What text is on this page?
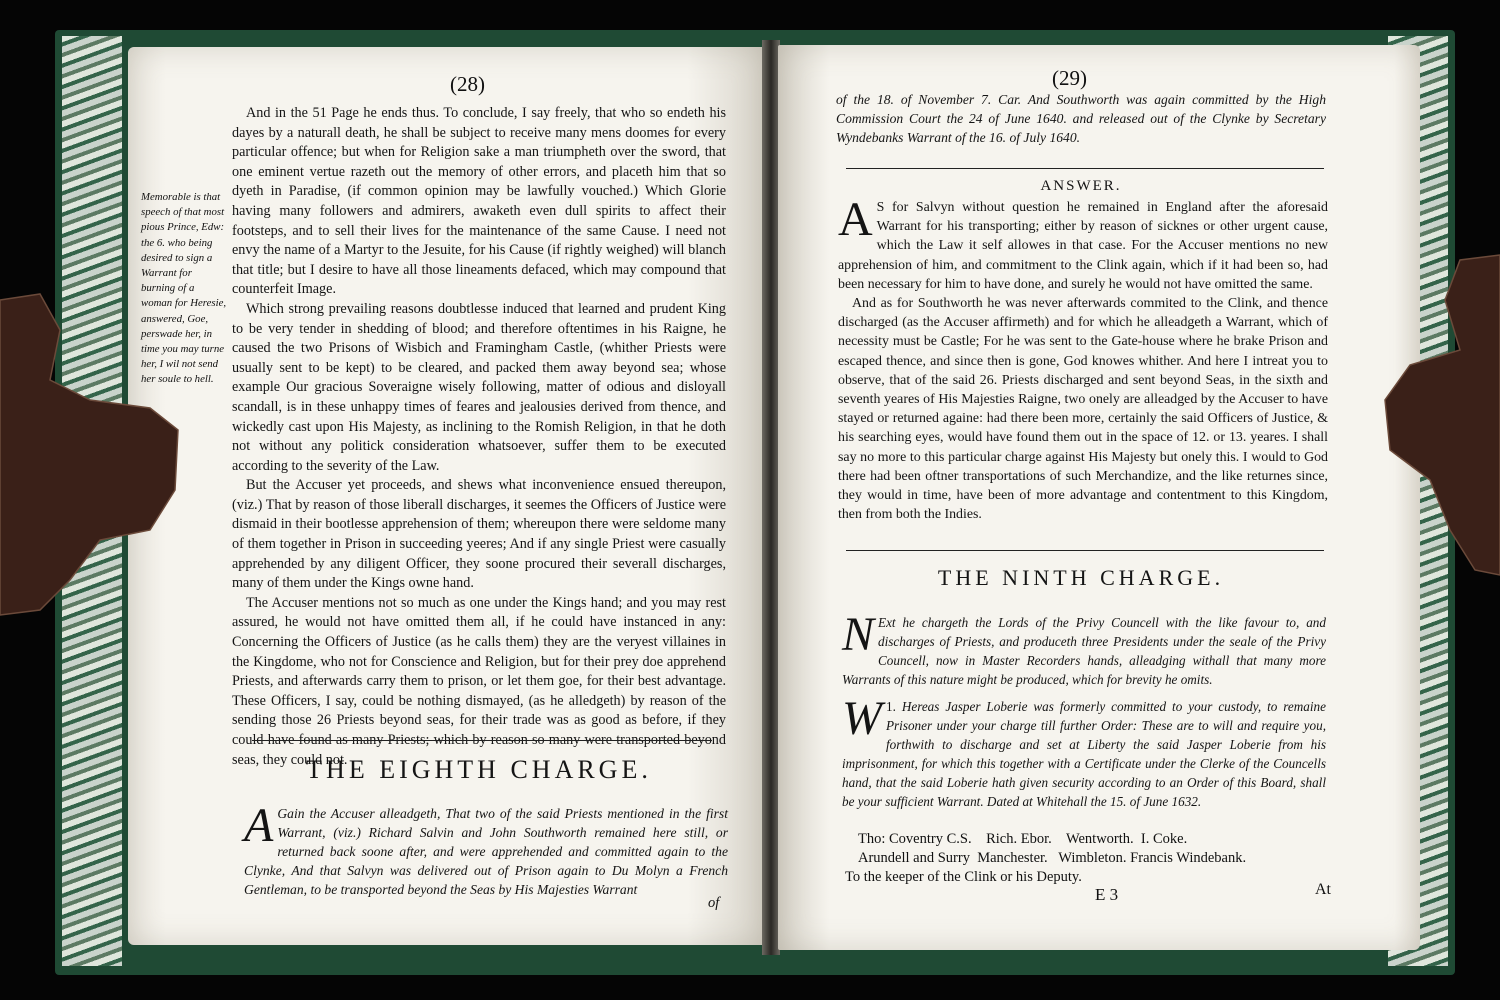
(28)

And in the 51 Page he ends thus. To conclude, I say freely, that who so endeth his dayes by a naturall death, he shall be subject to receive many mens doomes for every particular offence; but when for Religion sake a man triumpheth over the sword, that one eminent vertue razeth out the memory of other errors, and placeth him that so dyeth in Paradise, (if common opinion may be lawfully vouched.) Which Glorie having many followers and admirers, awaketh even dull spirits to affect their footsteps, and to sell their lives for the maintenance of the same Cause. I need not envy the name of a Martyr to the Jesuite, for his Cause (if rightly weighed) will blanch that title; but I desire to have all those lineaments defaced, which may compound that counterfeit Image.

Which strong prevailing reasons doubtlesse induced that learned and prudent King to be very tender in shedding of blood; and therefore oftentimes in his Raigne, he caused the two Prisons of Wisbich and Framingham Castle, (whither Priests were usually sent to be kept) to be cleared, and packed them away beyond sea; whose example Our gracious Soveraigne wisely following, matter of odious and disloyall scandall, is in these unhappy times of feares and jealousies derived from thence, and wickedly cast upon His Majesty, as inclining to the Romish Religion, in that he doth not without any politick consideration whatsoever, suffer them to be executed according to the severity of the Law.

But the Accuser yet proceeds, and shews what inconvenience ensued thereupon, (viz.) That by reason of those liberall discharges, it seemes the Officers of Justice were dismaid in their bootlesse apprehension of them; whereupon there were seldome many of them together in Prison in succeeding yeeres; And if any single Priest were casually apprehended by any diligent Officer, they soone procured their severall discharges, many of them under the Kings owne hand.

The Accuser mentions not so much as one under the Kings hand; and you may rest assured, he would not have omitted them all, if he could have instanced in any: Concerning the Officers of Justice (as he calls them) they are the veryest villaines in the Kingdome, who not for Conscience and Religion, but for their prey doe apprehend Priests, and afterwards carry them to prison, or let them goe, for their best advantage. These Officers, I say, could be nothing dismayed, (as he alledgeth) by reason of the sending those 26 Priests beyond seas, for their trade was as good as before, if they could have found as many Priests; which by reason so many were transported beyond seas, they could not.

Memorable is that speech of that most pious Prince, Edw: the 6. who being desired to sign a Warrant for burning of a woman for Heresie, answered, Goe, perswade her, in time you may turne her, I wil not send her soule to hell.
THE EIGHTH CHARGE.
A Gain the Accuser alleadgeth, That two of the said Priests mentioned in the first Warrant, (viz.) Richard Salvin and John Southworth remained here still, or returned back soone after, and were apprehended and committed again to the Clynke, And that Salvyn was delivered out of Prison again to Du Molyn a French Gentleman, to be transported beyond the Seas by His Majesties Warrant
of
(29)
of the 18. of November 7. Car. And Southworth was again committed by the High Commission Court the 24 of June 1640. and released out of the Clynke by Secretary Wyndebanks Warrant of the 16. of July 1640.
ANSWER.

A S for Salvyn without question he remained in England after the aforesaid Warrant for his transporting; either by reason of sicknes or other urgent cause, which the Law it self allowes in that case. For the Accuser mentions no new apprehension of him, and commitment to the Clink again, which if it had been so, had been necessary for him to have done, and surely he would not have omitted the same.

And as for Southworth he was never afterwards commited to the Clink, and thence discharged (as the Accuser affirmeth) and for which he alleadgeth a Warrant, which of necessity must be Castle; For he was sent to the Gate-house where he brake Prison and escaped thence, and since then is gone, God knowes whither. And here I intreat you to observe, that of the said 26. Priests discharged and sent beyond Seas, in the sixth and seventh yeares of His Majesties Raigne, two onely are alleadged by the Accuser to have stayed or returned againe: had there been more, certainly the said Officers of Justice, & his searching eyes, would have found them out in the space of 12. or 13. yeares. I shall say no more to this particular charge against His Majesty but onely this. I would to God there had been oftner transportations of such Merchandize, and the like returnes since, they would in time, have been of more advantage and contentment to this Kingdom, then from both the Indies.

THE NINTH CHARGE.
N Ext he chargeth the Lords of the Privy Councell with the like favour to, and discharges of Priests, and produceth three Presidents under the seale of the Privy Councell, now in Master Recorders hands, alleadging withall that many more Warrants of this nature might be produced, which for brevity he omits.
1.
W Hereas Jasper Loberie was formerly committed to your custody, to remaine Prisoner under your charge till further Order: These are to will and require you, forthwith to discharge and set at Liberty the said Jasper Loberie from his imprisonment, for which this together with a Certificate under the Clerke of the Councells hand, that the said Loberie hath given security according to an Order of this Board, shall be your sufficient Warrant. Dated at Whitehall the 15. of June 1632.
Tho: Coventry C.S.    Rich. Ebor.    Wentworth.  I. Coke.
Arundell and Surry  Manchester.   Wimbleton. Francis Windebank.
To the keeper of the Clink or his Deputy.
E 3	At
